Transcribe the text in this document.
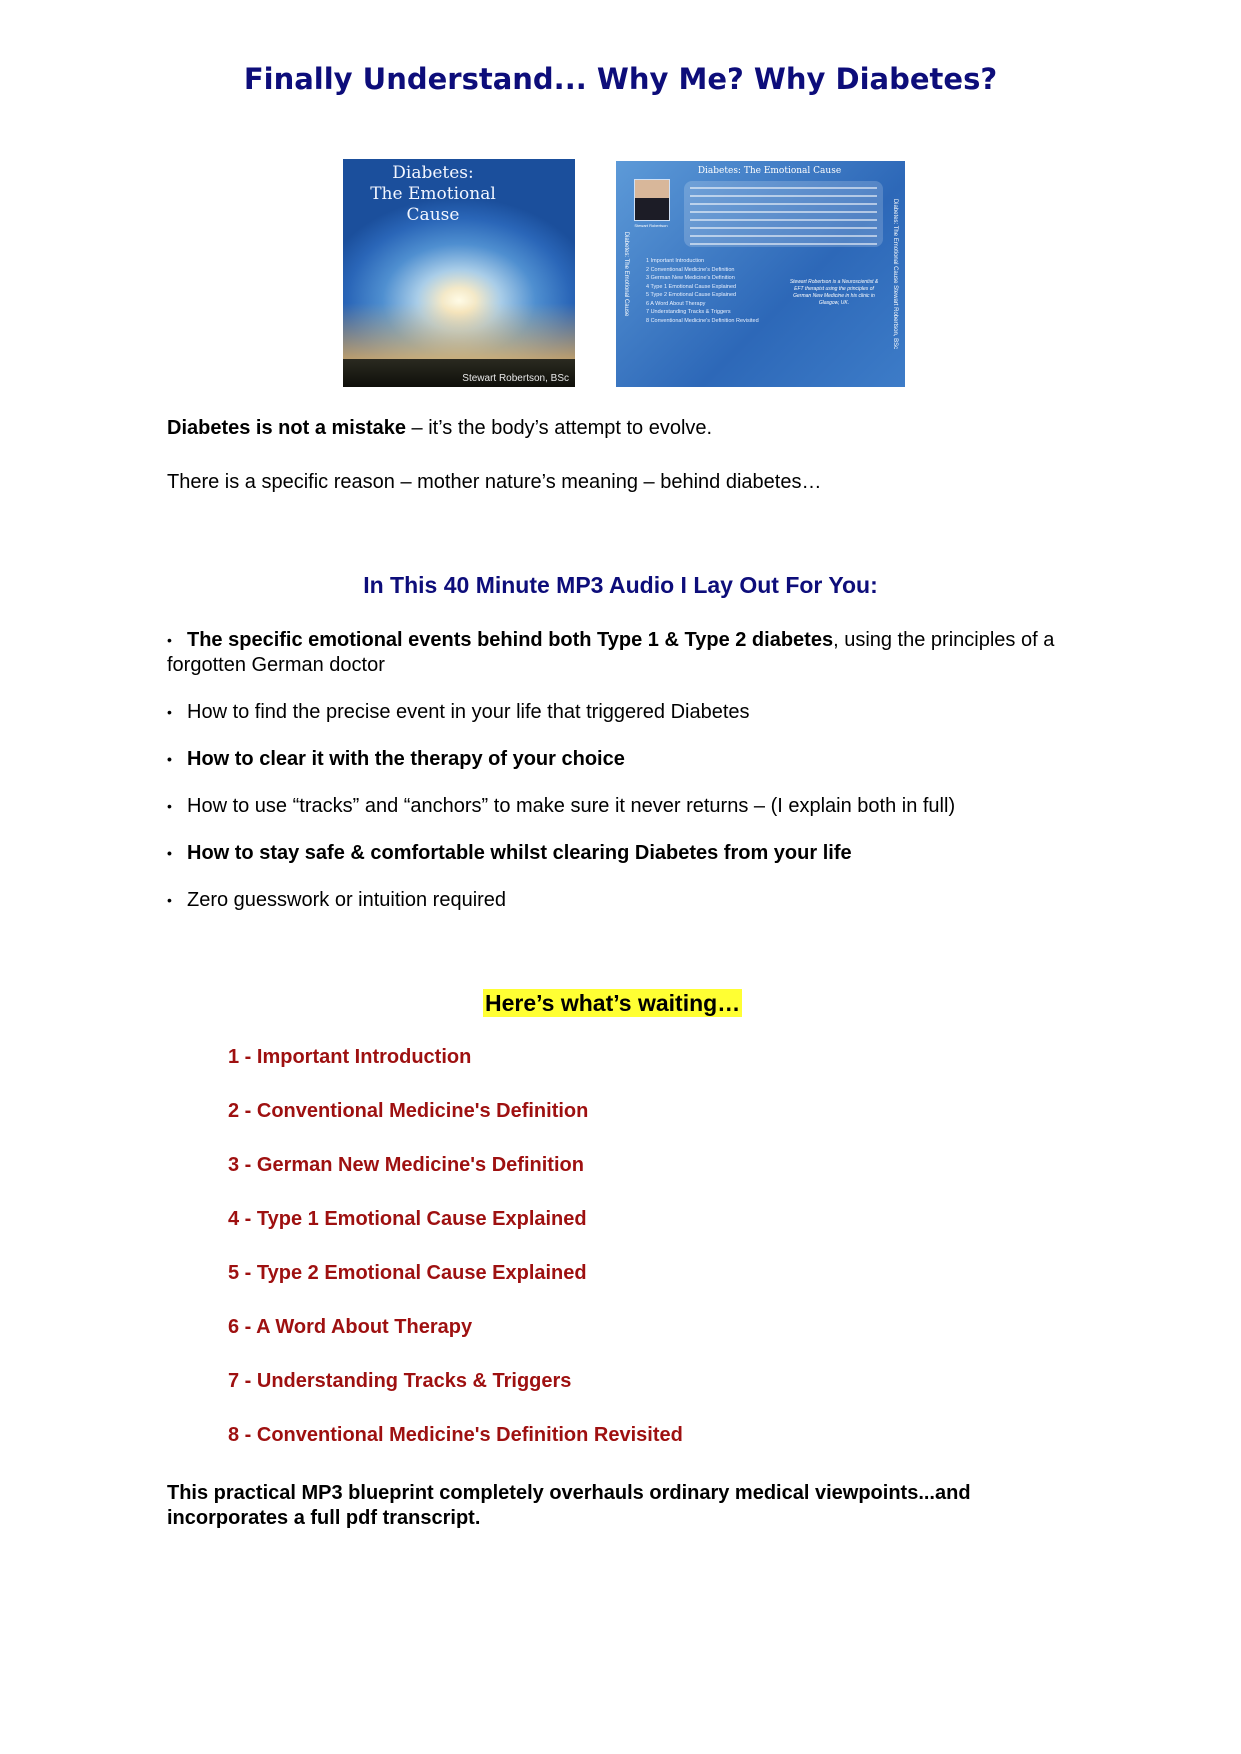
Finally Understand... Why Me? Why Diabetes?
Diabetes:
The Emotional Cause
Stewart Robertson, BSc
Diabetes: The Emotional Cause	Diabetes: The Emotional Cause Stewart Robertson, BSc
Diabetes: The Emotional Cause
Stewart Robertson
1 Important Introduction
2 Conventional Medicine's Definition
3 German New Medicine's Definition
4 Type 1 Emotional Cause Explained
5 Type 2 Emotional Cause Explained
6 A Word About Therapy
7 Understanding Tracks & Triggers
8 Conventional Medicine's Definition Revisited
Stewart Robertson is a Neuroscientist & EFT therapist using the principles of German New Medicine in his clinic in Glasgow, UK.

Diabetes is not a mistake – it’s the body’s attempt to evolve.

There is a specific reason – mother nature’s meaning – behind diabetes…

In This 40 Minute MP3 Audio I Lay Out For You:
• The specific emotional events behind both Type 1 & Type 2 diabetes, using the principles of a forgotten German doctor
• How to find the precise event in your life that triggered Diabetes
• How to clear it with the therapy of your choice
• How to use “tracks” and “anchors” to make sure it never returns – (I explain both in full)
• How to stay safe & comfortable whilst clearing Diabetes from your life
• Zero guesswork or intuition required
Here’s what’s waiting…
1 - Important Introduction
2 - Conventional Medicine's Definition
3 - German New Medicine's Definition
4 - Type 1 Emotional Cause Explained
5 - Type 2 Emotional Cause Explained
6 - A Word About Therapy
7 - Understanding Tracks & Triggers
8 - Conventional Medicine's Definition Revisited

This practical MP3 blueprint completely overhauls ordinary medical viewpoints...and incorporates a full pdf transcript.
